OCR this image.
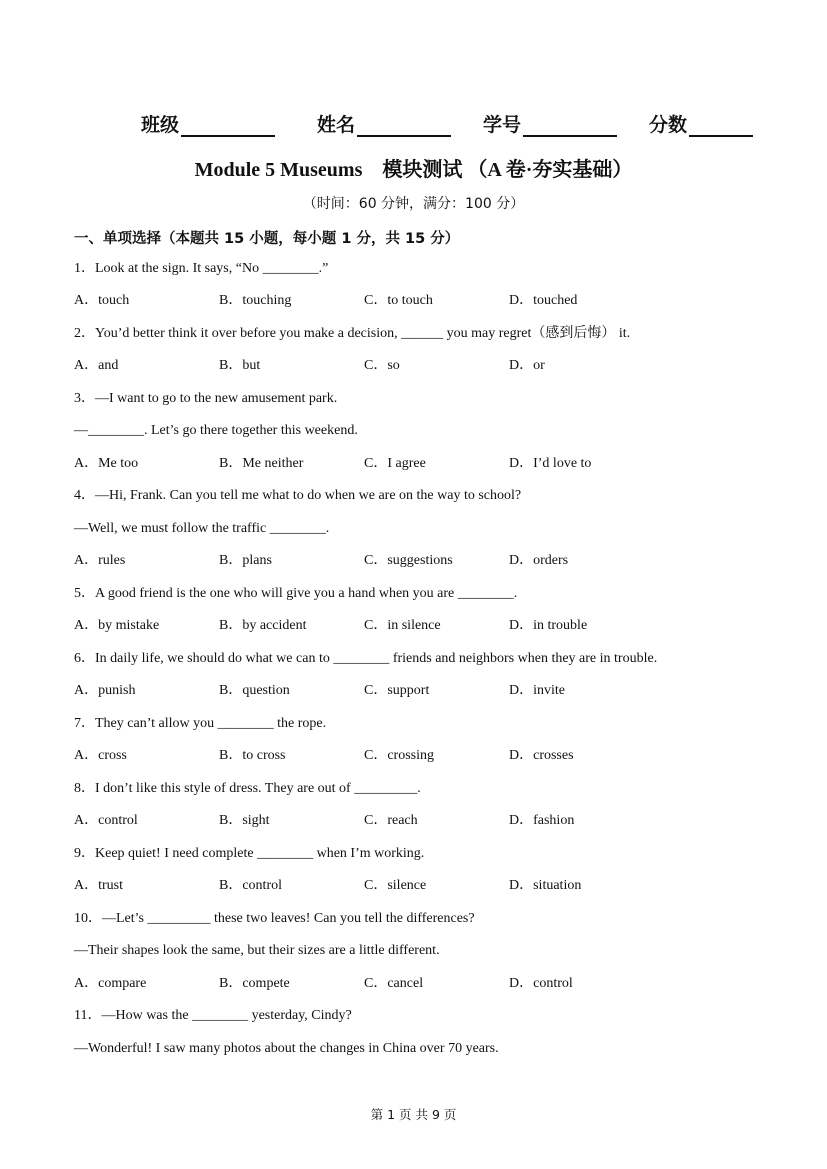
班级	姓名	学号	分数
Module 5 Museums　模块测试 （A 卷·夯实基础）
（时间：60 分钟，满分：100 分）
一、单项选择（本题共 15 小题，每小题 1 分，共 15 分）
1．Look at the sign. It says, “No ________.”
A．touch	B．touching	C．to touch	D．touched
2．You’d better think it over before you make a decision, ______ you may regret（感到后悔） it.
A．and	B．but	C．so	D．or
3．—I want to go to the new amusement park.
—________. Let’s go there together this weekend.
A．Me too	B．Me neither	C．I agree	D．I’d love to
4．—Hi, Frank. Can you tell me what to do when we are on the way to school?
—Well, we must follow the traffic ________.
A．rules	B．plans	C．suggestions	D．orders
5．A good friend is the one who will give you a hand when you are ________.
A．by mistake	B．by accident	C．in silence	D．in trouble
6．In daily life, we should do what we can to ________ friends and neighbors when they are in trouble.
A．punish	B．question	C．support	D．invite
7．They can’t allow you ________ the rope.
A．cross	B．to cross	C．crossing	D．crosses
8．I don’t like this style of dress. They are out of _________.
A．control	B．sight	C．reach	D．fashion
9．Keep quiet! I need complete ________ when I’m working.
A．trust	B．control	C．silence	D．situation
10．—Let’s _________ these two leaves! Can you tell the differences?
—Their shapes look the same, but their sizes are a little different.
A．compare	B．compete	C．cancel	D．control
11．—How was the ________ yesterday, Cindy?
—Wonderful! I saw many photos about the changes in China over 70 years.
第 1 页 共 9 页
